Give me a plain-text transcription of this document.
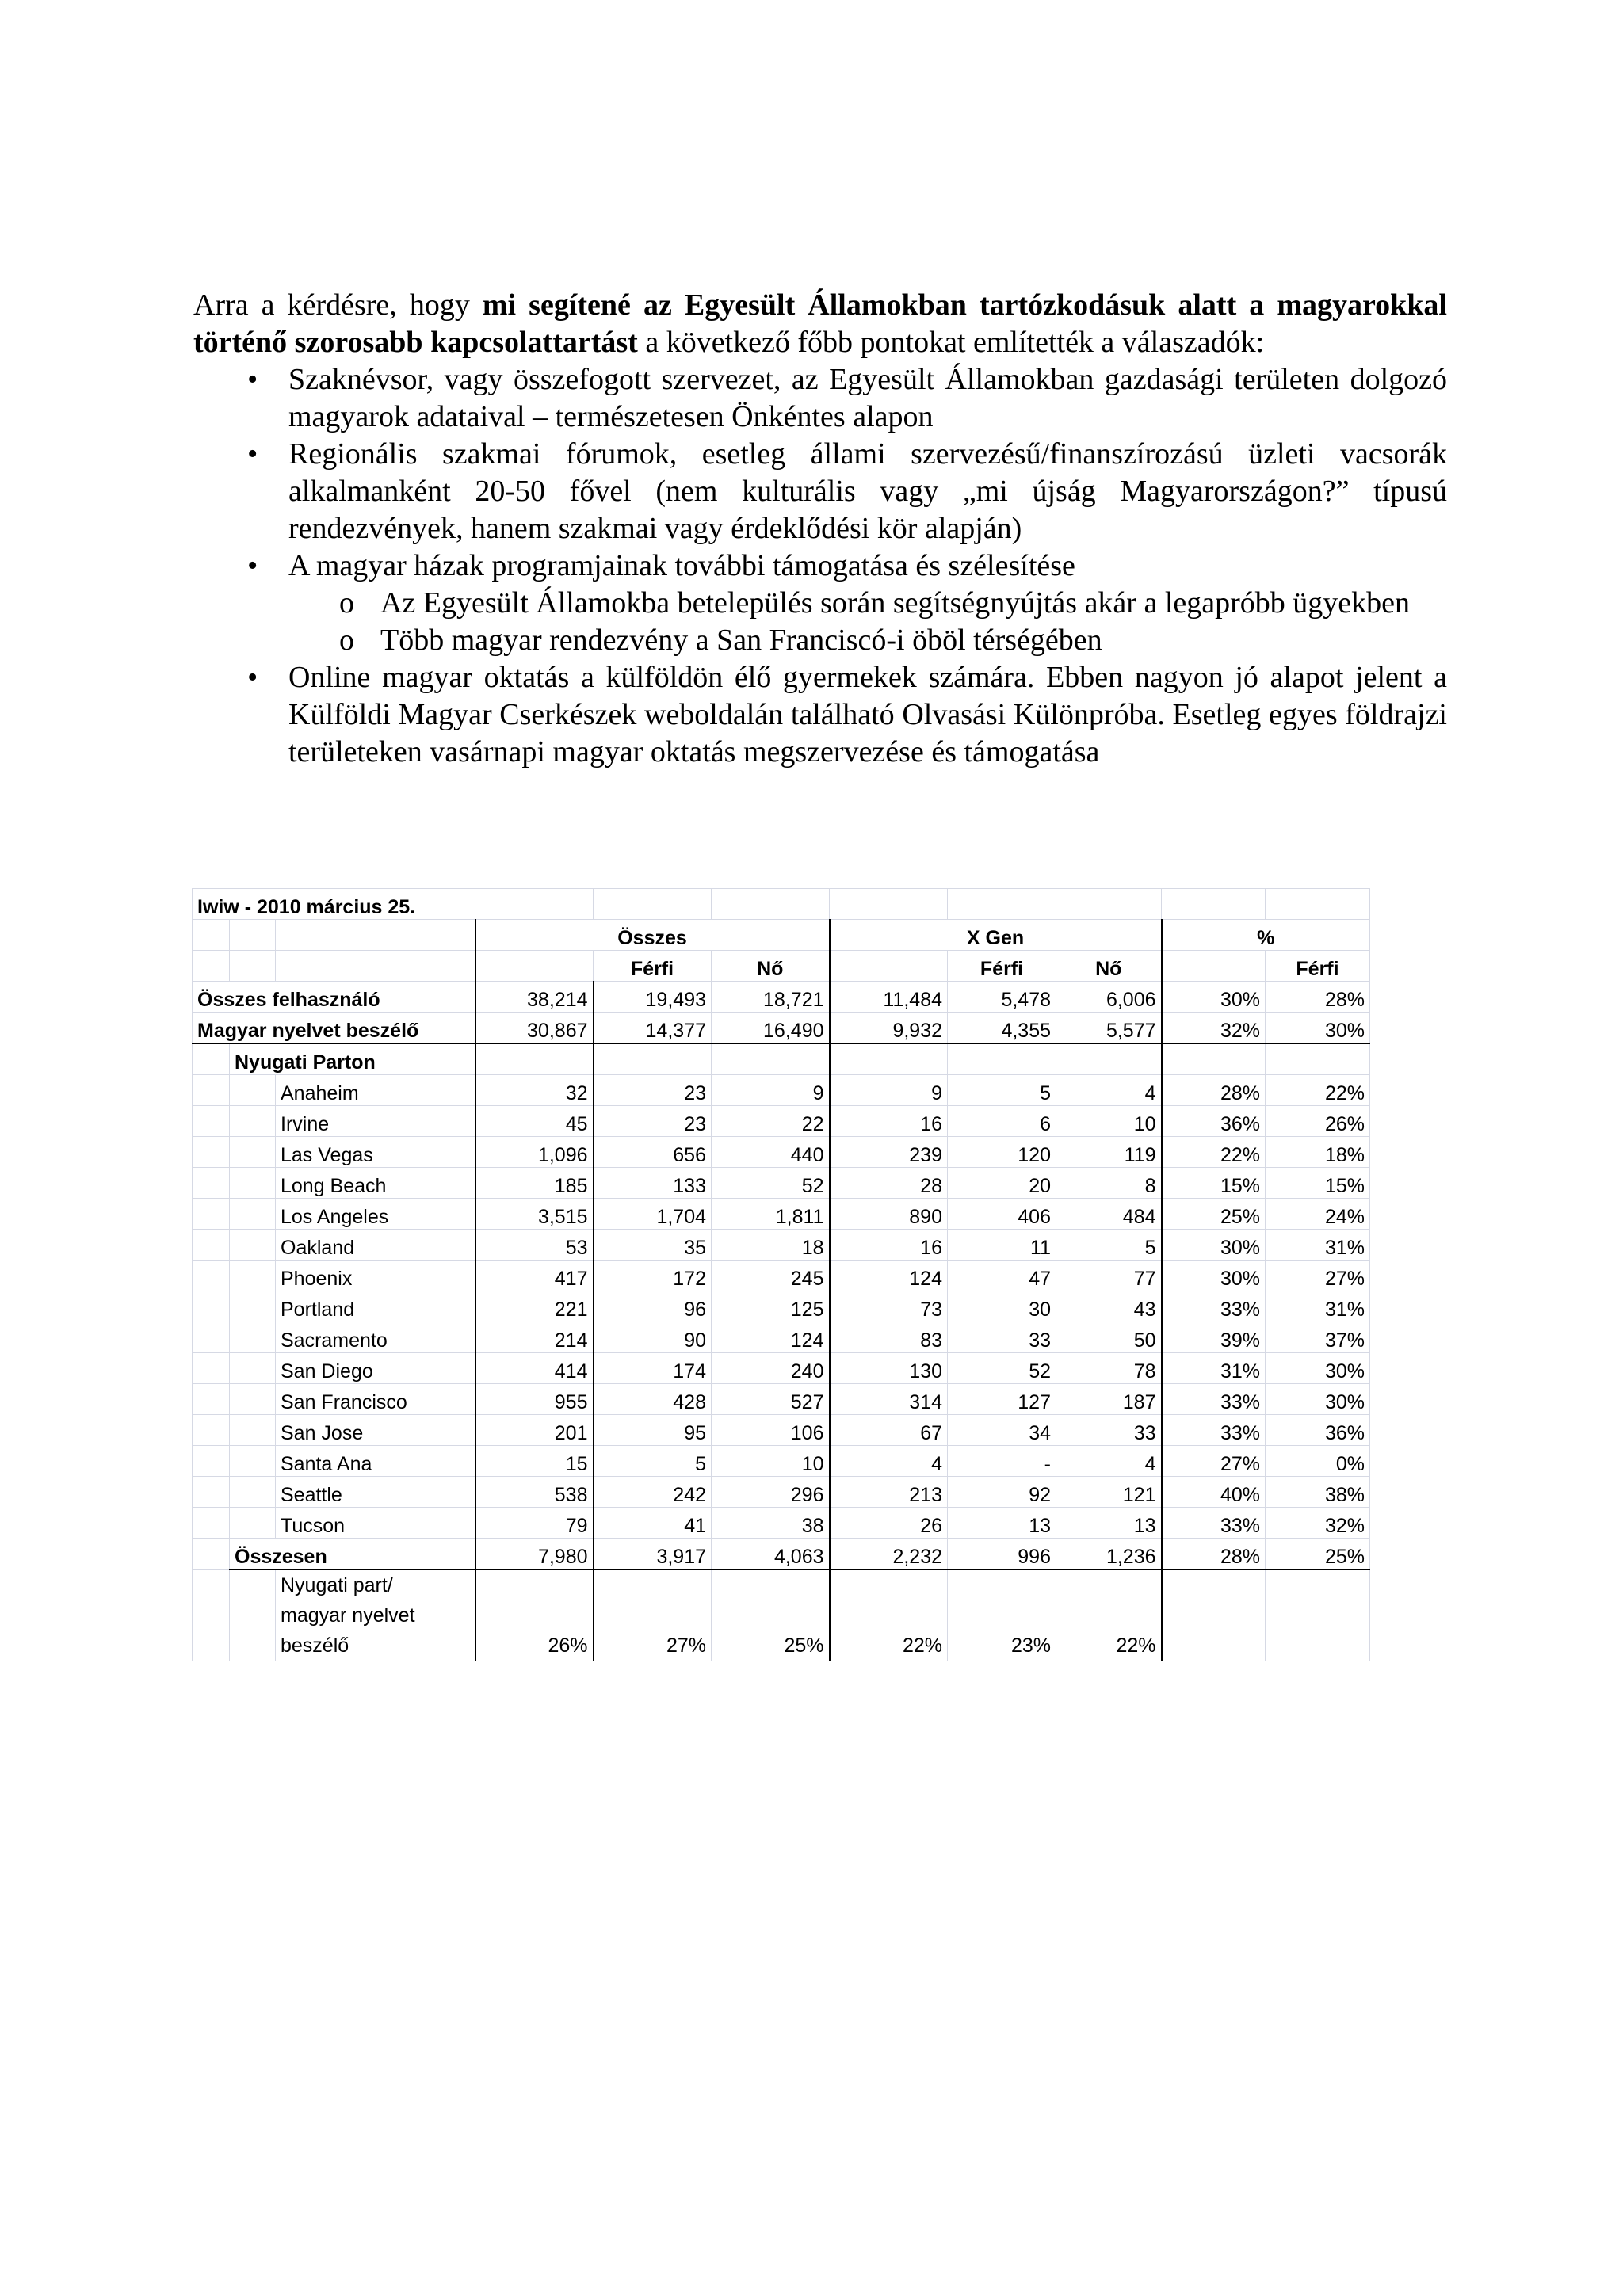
Arra a kérdésre, hogy mi segítené az Egyesült Államokban tartózkodásuk alatt a magyarokkal történő szorosabb kapcsolattartást a következő főbb pontokat említették a válaszadók:

• Szaknévsor, vagy összefogott szervezet, az Egyesült Államokban gazdasági területen dolgozó magyarok adataival – természetesen Önkéntes alapon
• Regionális szakmai fórumok, esetleg állami szervezésű/finanszírozású üzleti vacsorák alkalmanként 20-50 fővel (nem kulturális vagy „mi újság Magyarországon?” típusú rendezvények, hanem szakmai vagy érdeklődési kör alapján)
• A magyar házak programjainak további támogatása és szélesítése
o Az Egyesült Államokba betelepülés során segítségnyújtás akár a legapróbb ügyekben
o Több magyar rendezvény a San Franciscó-i öböl térségében
• Online magyar oktatás a külföldön élő gyermekek számára. Ebben nagyon jó alapot jelent a Külföldi Magyar Cserkészek weboldalán található Olvasási Különpróba. Esetleg egyes földrajzi területeken vasárnapi magyar oktatás megszervezése és támogatása
Iwiw - 2010 március 25.										
			Összes			X Gen			%	
				Férfi	Nő		Férfi	Nő		Férfi
Összes felhasználó			38,214	19,493	18,721	11,484	5,478	6,006	30%	28%
Magyar nyelvet beszélő			30,867	14,377	16,490	9,932	4,355	5,577	32%	30%
	Nyugati Parton									
		Anaheim	32	23	9	9	5	4	28%	22%
		Irvine	45	23	22	16	6	10	36%	26%
		Las Vegas	1,096	656	440	239	120	119	22%	18%
		Long Beach	185	133	52	28	20	8	15%	15%
		Los Angeles	3,515	1,704	1,811	890	406	484	25%	24%
		Oakland	53	35	18	16	11	5	30%	31%
		Phoenix	417	172	245	124	47	77	30%	27%
		Portland	221	96	125	73	30	43	33%	31%
		Sacramento	214	90	124	83	33	50	39%	37%
		San Diego	414	174	240	130	52	78	31%	30%
		San Francisco	955	428	527	314	127	187	33%	30%
		San Jose	201	95	106	67	34	33	33%	36%
		Santa Ana	15	5	10	4	-	4	27%	0%
		Seattle	538	242	296	213	92	121	40%	38%
		Tucson	79	41	38	26	13	13	33%	32%
	Összesen		7,980	3,917	4,063	2,232	996	1,236	28%	25%

		Nyugati part/
magyar nyelvet
beszélő	26%	27%	25%	22%	23%	22%		
